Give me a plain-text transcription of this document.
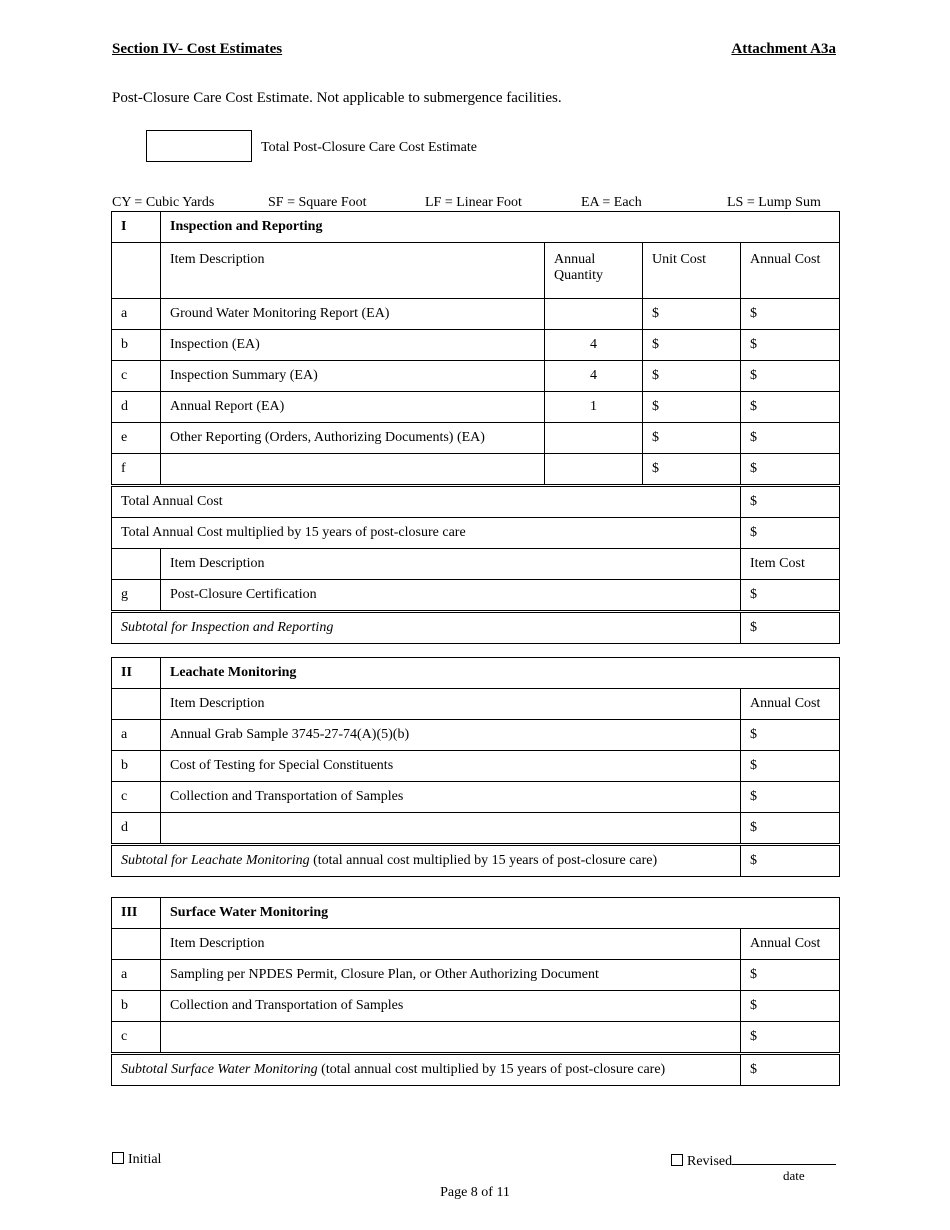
Section IV- Cost Estimates	Attachment A3a
Post-Closure Care Cost Estimate. Not applicable to submergence facilities.
Total Post-Closure Care Cost Estimate
CY = Cubic Yards	SF = Square Foot	LF = Linear Foot	EA = Each	LS = Lump Sum
I	Inspection and Reporting			
	Item Description	Annual Quantity	Unit Cost	Annual Cost
a	Ground Water Monitoring Report (EA)		$	$
b	Inspection (EA)	4	$	$
c	Inspection Summary (EA)	4	$	$
d	Annual Report (EA)	1	$	$
e	Other Reporting (Orders, Authorizing Documents) (EA)		$	$
f			$	$
Total Annual Cost				$
Total Annual Cost multiplied by 15 years of post-closure care				$
	Item Description			Item Cost
g	Post-Closure Certification			$
Subtotal for Inspection and Reporting				$
II	Leachate Monitoring	
	Item Description	Annual Cost
a	Annual Grab Sample 3745-27-74(A)(5)(b)	$
b	Cost of Testing for Special Constituents	$
c	Collection and Transportation of Samples	$
d		$
Subtotal for Leachate Monitoring (total annual cost multiplied by 15 years of post-closure care)		$
III	Surface Water Monitoring	
	Item Description	Annual Cost
a	Sampling per NPDES Permit, Closure Plan, or Other Authorizing Document	$
b	Collection and Transportation of Samples	$
c		$
Subtotal Surface Water Monitoring (total annual cost multiplied by 15 years of post-closure care)		$
Initial	Revised
date
Page 8 of 11
